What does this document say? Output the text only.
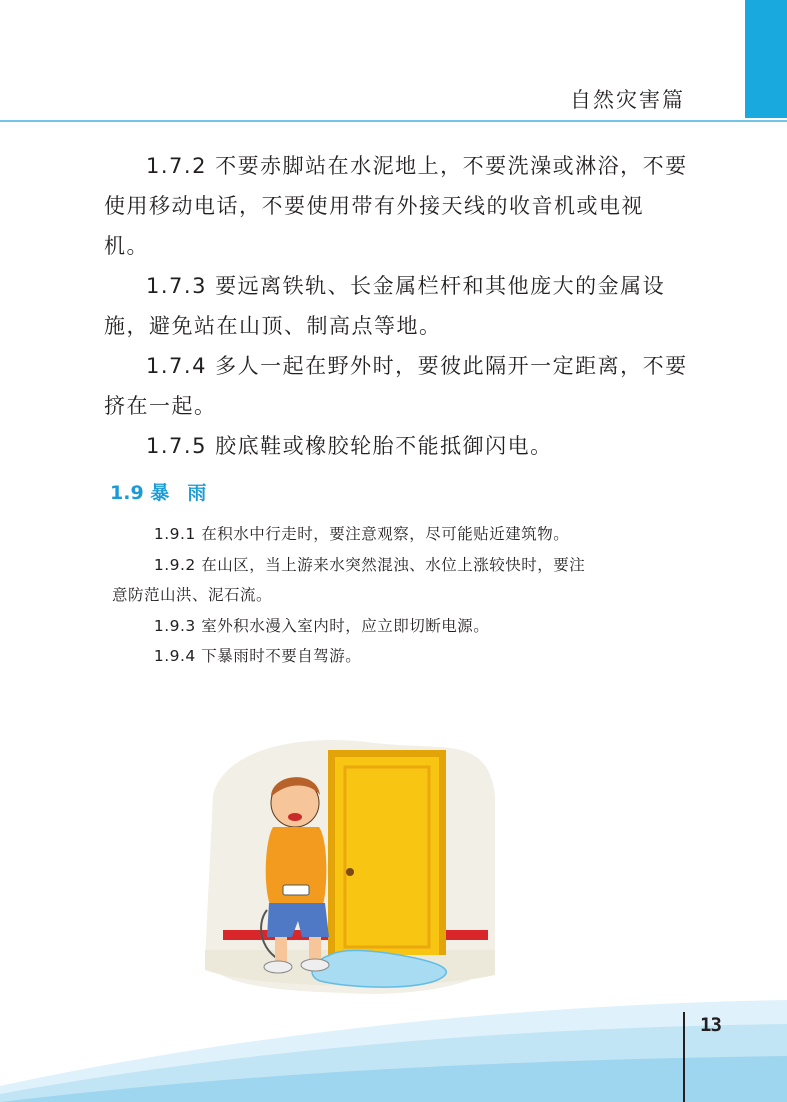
自然灾害篇

1.7.2 不要赤脚站在水泥地上，不要洗澡或淋浴，不要使用移动电话，不要使用带有外接天线的收音机或电视机。

1.7.3 要远离铁轨、长金属栏杆和其他庞大的金属设施，避免站在山顶、制高点等地。

1.7.4 多人一起在野外时，要彼此隔开一定距离，不要挤在一起。

1.7.5 胶底鞋或橡胶轮胎不能抵御闪电。

1.9 暴 雨

1.9.1 在积水中行走时，要注意观察，尽可能贴近建筑物。

1.9.2 在山区，当上游来水突然混浊、水位上涨较快时，要注意防范山洪、泥石流。

1.9.3 室外积水漫入室内时，应立即切断电源。

1.9.4 下暴雨时不要自驾游。

13
